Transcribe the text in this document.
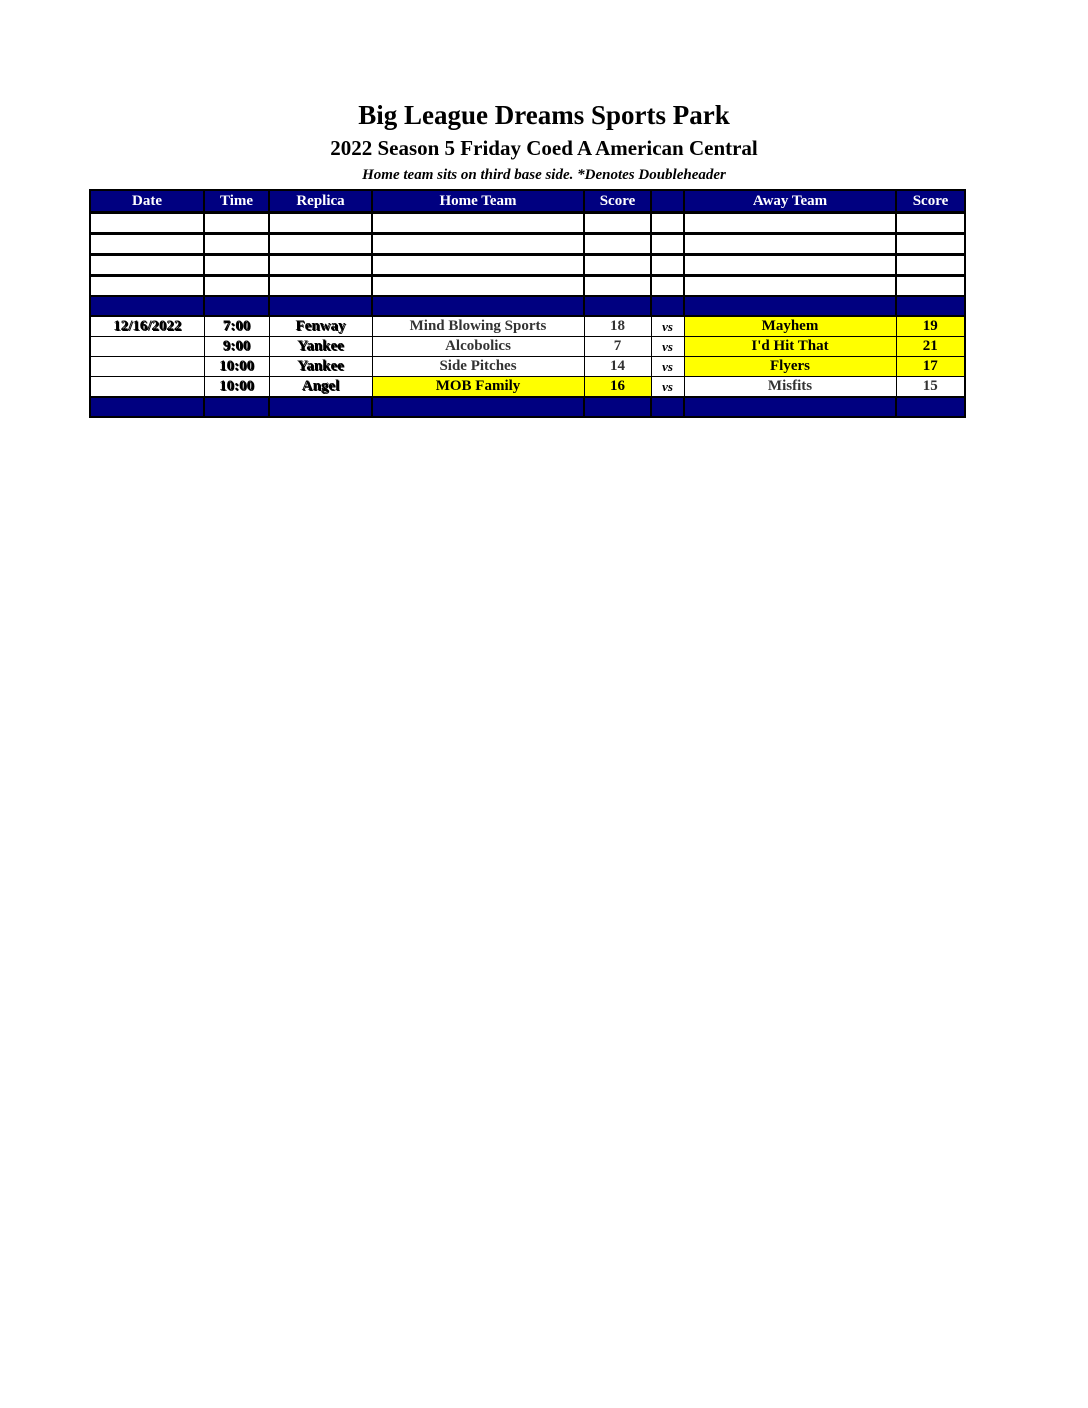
Big League Dreams Sports Park
2022 Season 5 Friday Coed A American Central
Home team sits on third base side. *Denotes Doubleheader
Date	Time	Replica	Home Team	Score		Away Team	Score

12/16/2022	7:00	Fenway	Mind Blowing Sports	18	vs	Mayhem	19
	9:00	Yankee	Alcobolics	7	vs	I'd Hit That	21
	10:00	Yankee	Side Pitches	14	vs	Flyers	17
	10:00	Angel	MOB Family	16	vs	Misfits	15
